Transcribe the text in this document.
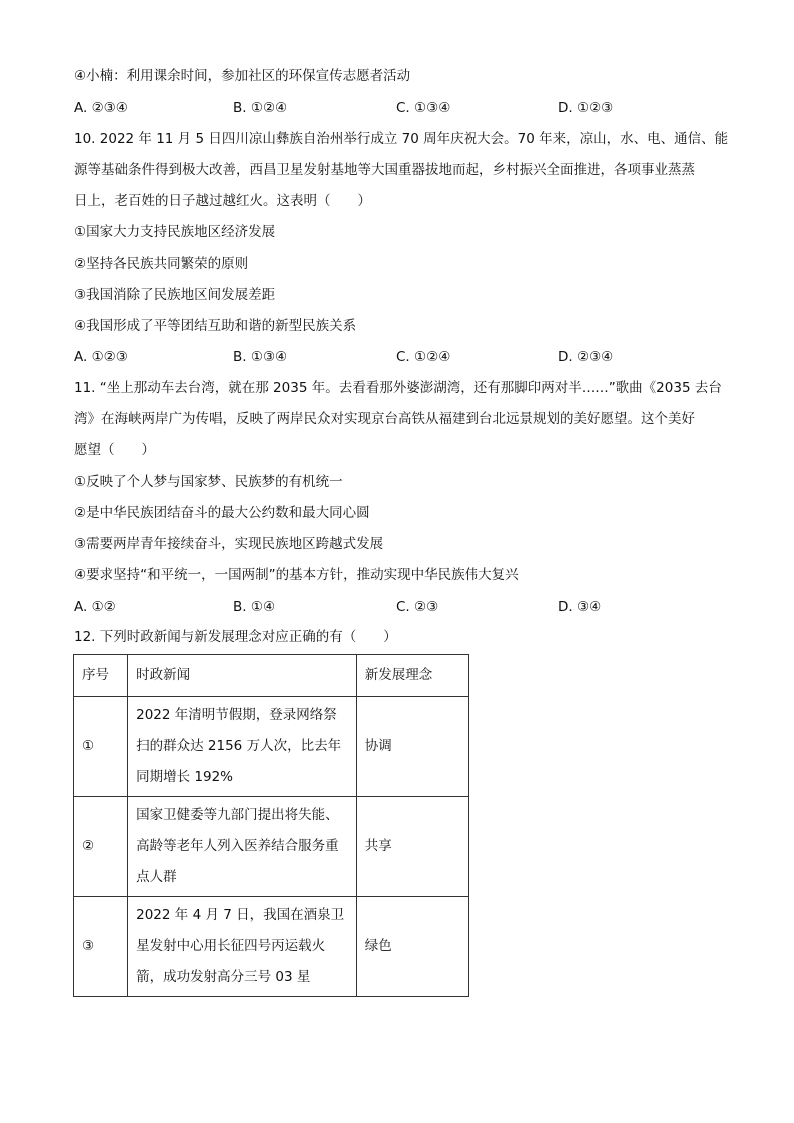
④小楠：利用课余时间，参加社区的环保宣传志愿者活动
A. ②③④	B. ①②④	C. ①③④	D. ①②③
10. 2022 年 11 月 5 日四川凉山彝族自治州举行成立 70 周年庆祝大会。70 年来，凉山，水、电、通信、能
源等基础条件得到极大改善，西昌卫星发射基地等大国重器拔地而起，乡村振兴全面推进，各项事业蒸蒸
日上，老百姓的日子越过越红火。这表明（　　）
①国家大力支持民族地区经济发展
②坚持各民族共同繁荣的原则
③我国消除了民族地区间发展差距
④我国形成了平等团结互助和谐的新型民族关系
A. ①②③	B. ①③④	C. ①②④	D. ②③④
11. “坐上那动车去台湾，就在那 2035 年。去看看那外婆澎湖湾，还有那脚印两对半……”歌曲《2035 去台
湾》在海峡两岸广为传唱，反映了两岸民众对实现京台高铁从福建到台北远景规划的美好愿望。这个美好
愿望（　　）
①反映了个人梦与国家梦、民族梦的有机统一
②是中华民族团结奋斗的最大公约数和最大同心圆
③需要两岸青年接续奋斗，实现民族地区跨越式发展
④要求坚持“和平统一，一国两制”的基本方针，推动实现中华民族伟大复兴
A. ①②	B. ①④	C. ②③	D. ③④
12. 下列时政新闻与新发展理念对应正确的有（　　）
序号	时政新闻	新发展理念
①	2022 年清明节假期，登录网络祭
扫的群众达 2156 万人次，比去年
同期增长 192%	协调
②	国家卫健委等九部门提出将失能、
高龄等老年人列入医养结合服务重
点人群	共享
③	2022 年 4 月 7 日，我国在酒泉卫
星发射中心用长征四号丙运载火
箭，成功发射高分三号 03 星	绿色
